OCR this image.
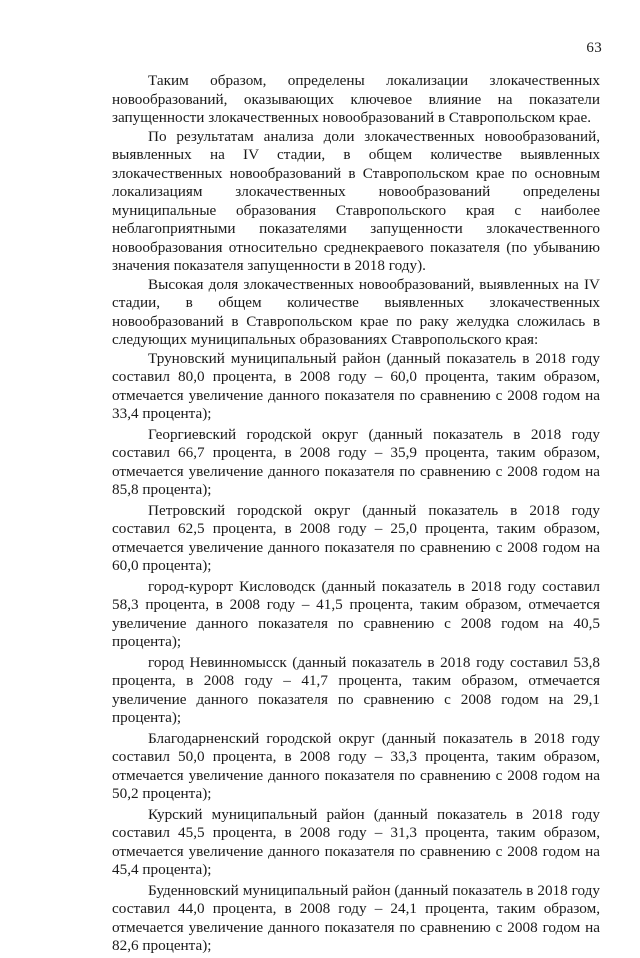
63

Таким образом, определены локализации злокачественных новообразований, оказывающих ключевое влияние на показатели запущенности злокачественных новообразований в Ставропольском крае.

По результатам анализа доли злокачественных новообразований, выявленных на IV стадии, в общем количестве выявленных злокачественных новообразований в Ставропольском крае по основным локализациям злокачественных новообразований определены муниципальные образования Ставропольского края с наиболее неблагоприятными показателями запущенности злокачественного новообразования относительно среднекраевого показателя (по убыванию значения показателя запущенности в 2018 году).

Высокая доля злокачественных новообразований, выявленных на IV стадии, в общем количестве выявленных злокачественных новообразований в Ставропольском крае по раку желудка сложилась в следующих муниципальных образованиях Ставропольского края:

Труновский муниципальный район (данный показатель в 2018 году составил 80,0 процента, в 2008 году – 60,0 процента, таким образом, отмечается увеличение данного показателя по сравнению с 2008 годом на 33,4 процента);

Георгиевский городской округ (данный показатель в 2018 году составил 66,7 процента, в 2008 году – 35,9 процента, таким образом, отмечается увеличение данного показателя по сравнению с 2008 годом на 85,8 процента);

Петровский городской округ (данный показатель в 2018 году составил 62,5 процента, в 2008 году – 25,0 процента, таким образом, отмечается увеличение данного показателя по сравнению с 2008 годом на 60,0 процента);

город-курорт Кисловодск (данный показатель в 2018 году составил 58,3 процента, в 2008 году – 41,5 процента, таким образом, отмечается увеличение данного показателя по сравнению с 2008 годом на 40,5 процента);

город Невинномысск (данный показатель в 2018 году составил 53,8 процента, в 2008 году – 41,7 процента, таким образом, отмечается увеличение данного показателя по сравнению с 2008 годом на 29,1 процента);

Благодарненский городской округ (данный показатель в 2018 году составил 50,0 процента, в 2008 году – 33,3 процента, таким образом, отмечается увеличение данного показателя по сравнению с 2008 годом на 50,2 процента);

Курский муниципальный район (данный показатель в 2018 году составил 45,5 процента, в 2008 году – 31,3 процента, таким образом, отмечается увеличение данного показателя по сравнению с 2008 годом на 45,4 процента);

Буденновский муниципальный район (данный показатель в 2018 году составил 44,0 процента, в 2008 году – 24,1 процента, таким образом, отмечается увеличение данного показателя по сравнению с 2008 годом на 82,6 процента);
